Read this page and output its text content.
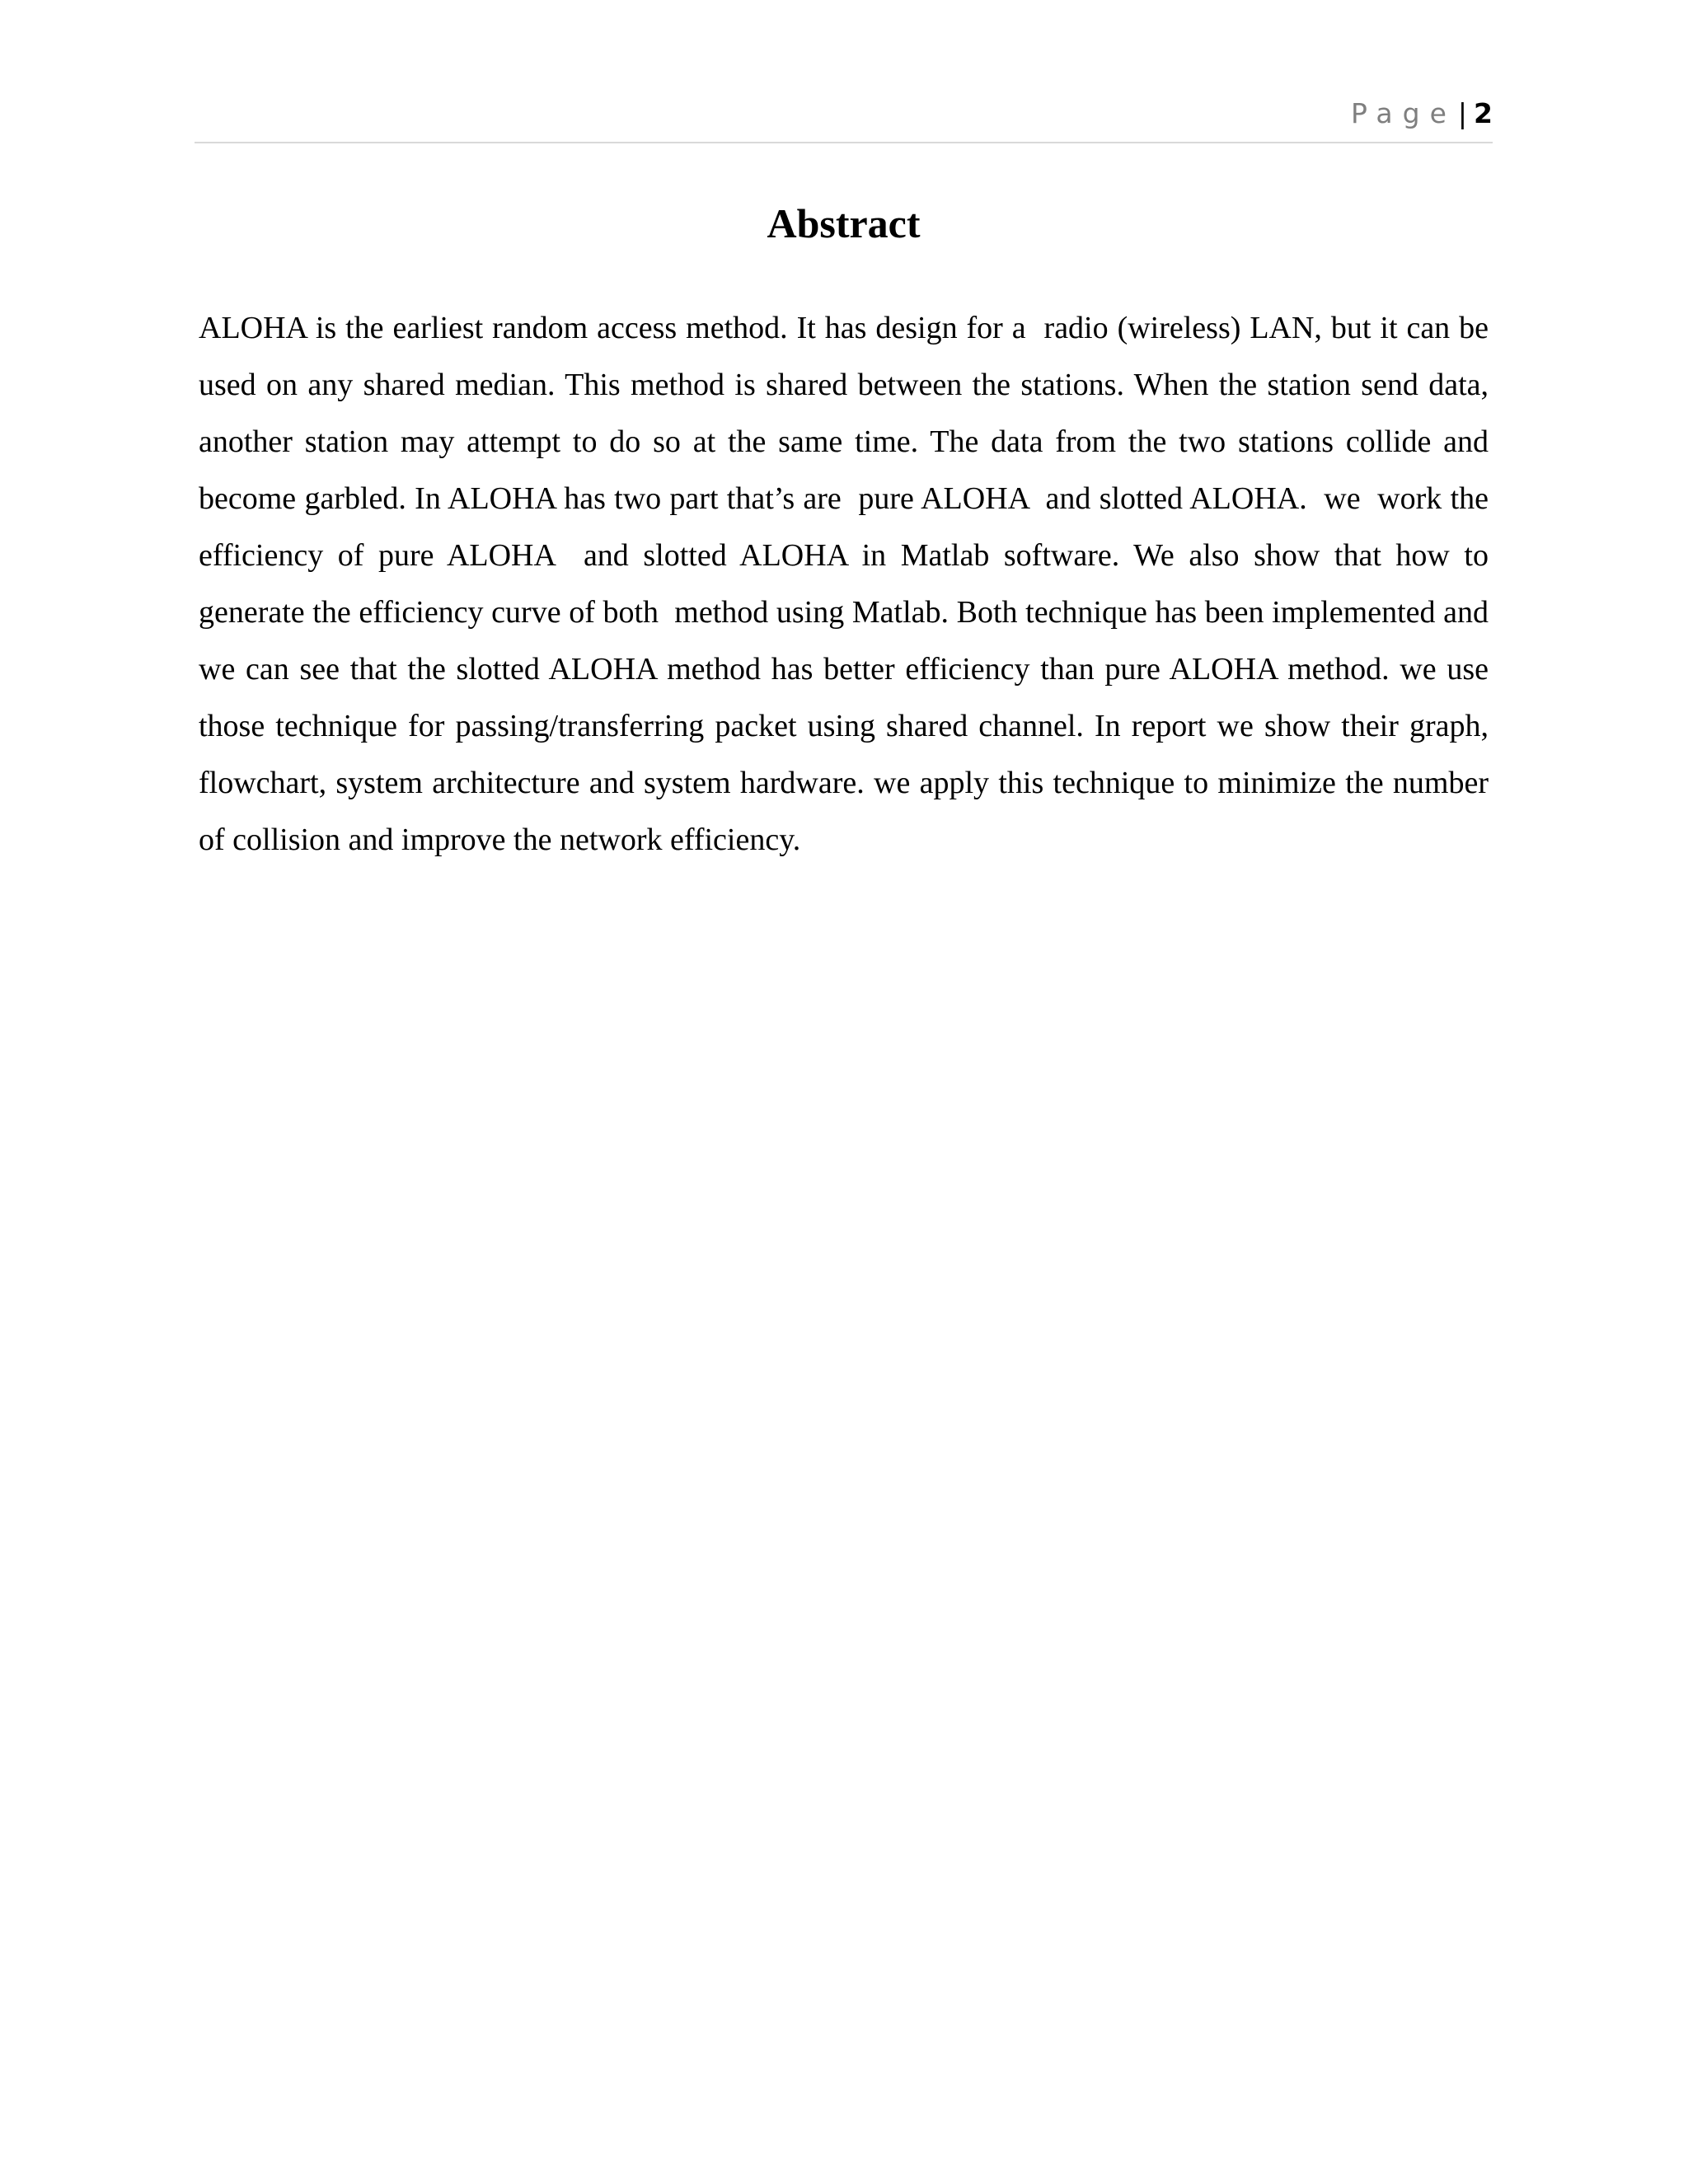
Page| 2
Abstract

ALOHA is the earliest random access method. It has design for a  radio (wireless) LAN, but it can be used on any shared median. This method is shared between the stations. When the station send data, another station may attempt to do so at the same time. The data from the two stations collide and become garbled. In ALOHA has two part that’s are  pure ALOHA  and slotted ALOHA.  we  work the efficiency of pure ALOHA  and slotted ALOHA in Matlab software. We also show that how to  generate the efficiency curve of both  method using Matlab. Both technique has been implemented and we can see that the slotted ALOHA method has better efficiency than pure ALOHA method. we use those technique for passing/transferring packet using shared channel. In report we show their graph, flowchart, system architecture and system hardware. we apply this technique to minimize the number of collision and improve the network efficiency.
